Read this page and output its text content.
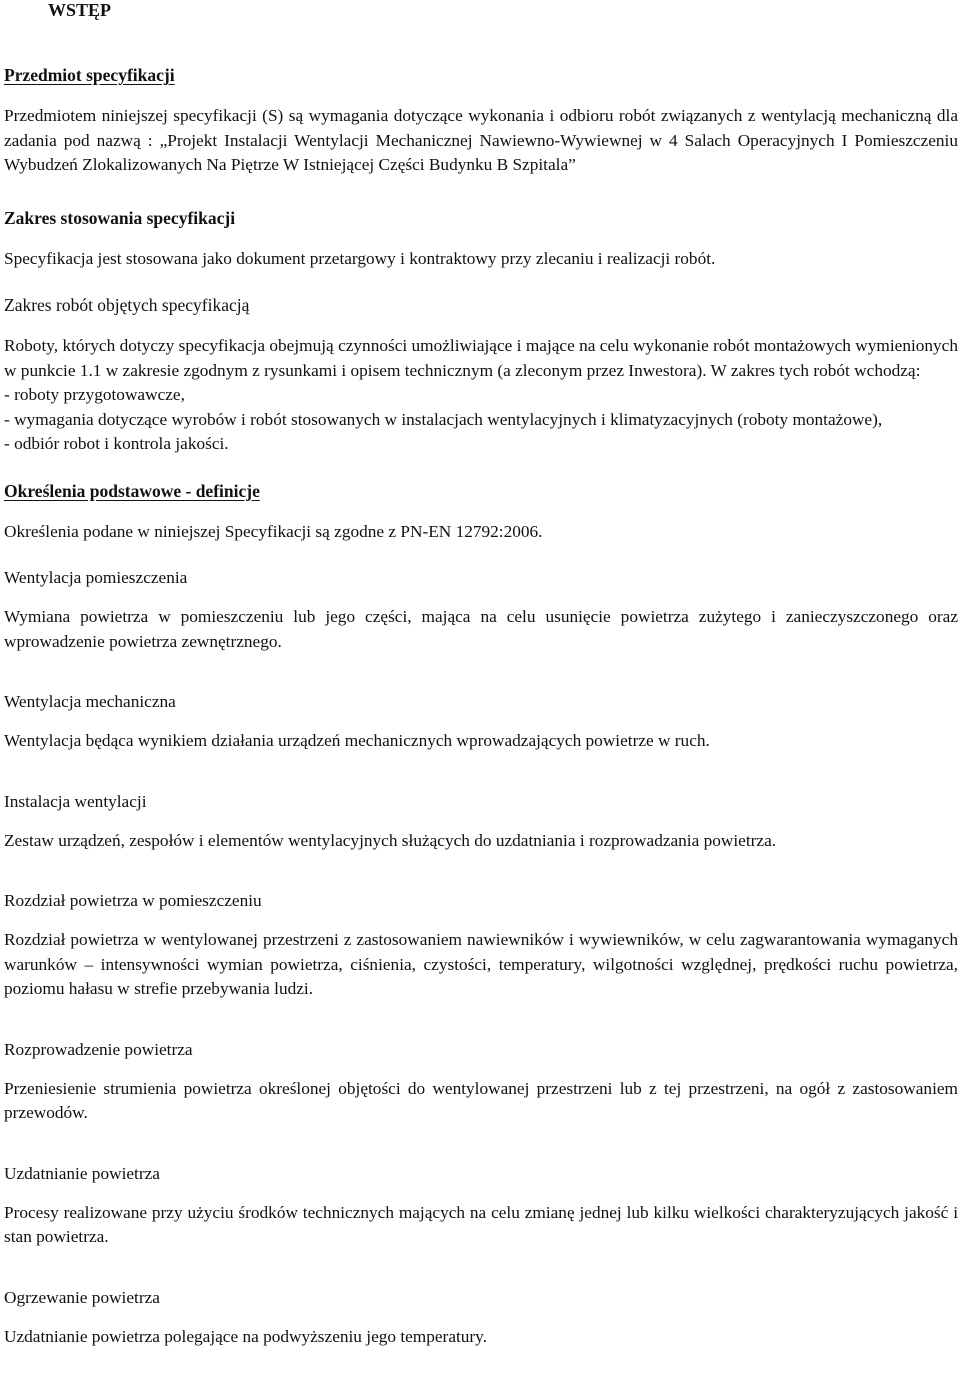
WSTĘP
Przedmiot specyfikacji

Przedmiotem niniejszej specyfikacji (S) są wymagania dotyczące wykonania i odbioru robót związanych z wentylacją mechaniczną dla zadania pod nazwą : „Projekt Instalacji Wentylacji Mechanicznej Nawiewno-Wywiewnej w 4 Salach Operacyjnych I Pomieszczeniu Wybudzeń Zlokalizowanych Na Piętrze W Istniejącej Części Budynku B Szpitala”

Zakres stosowania specyfikacji

Specyfikacja jest stosowana jako dokument przetargowy i kontraktowy przy zlecaniu i realizacji robót.

Zakres robót objętych specyfikacją

Roboty, których dotyczy specyfikacja obejmują czynności umożliwiające i mające na celu wykonanie robót montażowych wymienionych w punkcie 1.1 w zakresie zgodnym z rysunkami i opisem technicznym (a zleconym przez Inwestora). W zakres tych robót wchodzą:

- roboty przygotowawcze,
- wymagania dotyczące wyrobów i robót stosowanych w instalacjach wentylacyjnych i klimatyzacyjnych (roboty montażowe),
- odbiór robot i kontrola jakości.
Określenia podstawowe - definicje

Określenia podane w niniejszej Specyfikacji są zgodne z PN-EN 12792:2006.

Wentylacja pomieszczenia

Wymiana powietrza w pomieszczeniu lub jego części, mająca na celu usunięcie powietrza zużytego i zanieczyszczonego oraz wprowadzenie powietrza zewnętrznego.

Wentylacja mechaniczna

Wentylacja będąca wynikiem działania urządzeń mechanicznych wprowadzających powietrze w ruch.

Instalacja wentylacji

Zestaw urządzeń, zespołów i elementów wentylacyjnych służących do uzdatniania i rozprowadzania powietrza.

Rozdział powietrza w pomieszczeniu

Rozdział powietrza w wentylowanej przestrzeni z zastosowaniem nawiewników i wywiewników, w celu zagwarantowania wymaganych warunków – intensywności wymian powietrza, ciśnienia, czystości, temperatury, wilgotności względnej, prędkości ruchu powietrza, poziomu hałasu w strefie przebywania ludzi.

Rozprowadzenie powietrza

Przeniesienie strumienia powietrza określonej objętości do wentylowanej przestrzeni lub z tej przestrzeni, na ogół z zastosowaniem przewodów.

Uzdatnianie powietrza

Procesy realizowane przy użyciu środków technicznych mających na celu zmianę jednej lub kilku wielkości charakteryzujących jakość i stan powietrza.

Ogrzewanie powietrza

Uzdatnianie powietrza polegające na podwyższeniu jego temperatury.
